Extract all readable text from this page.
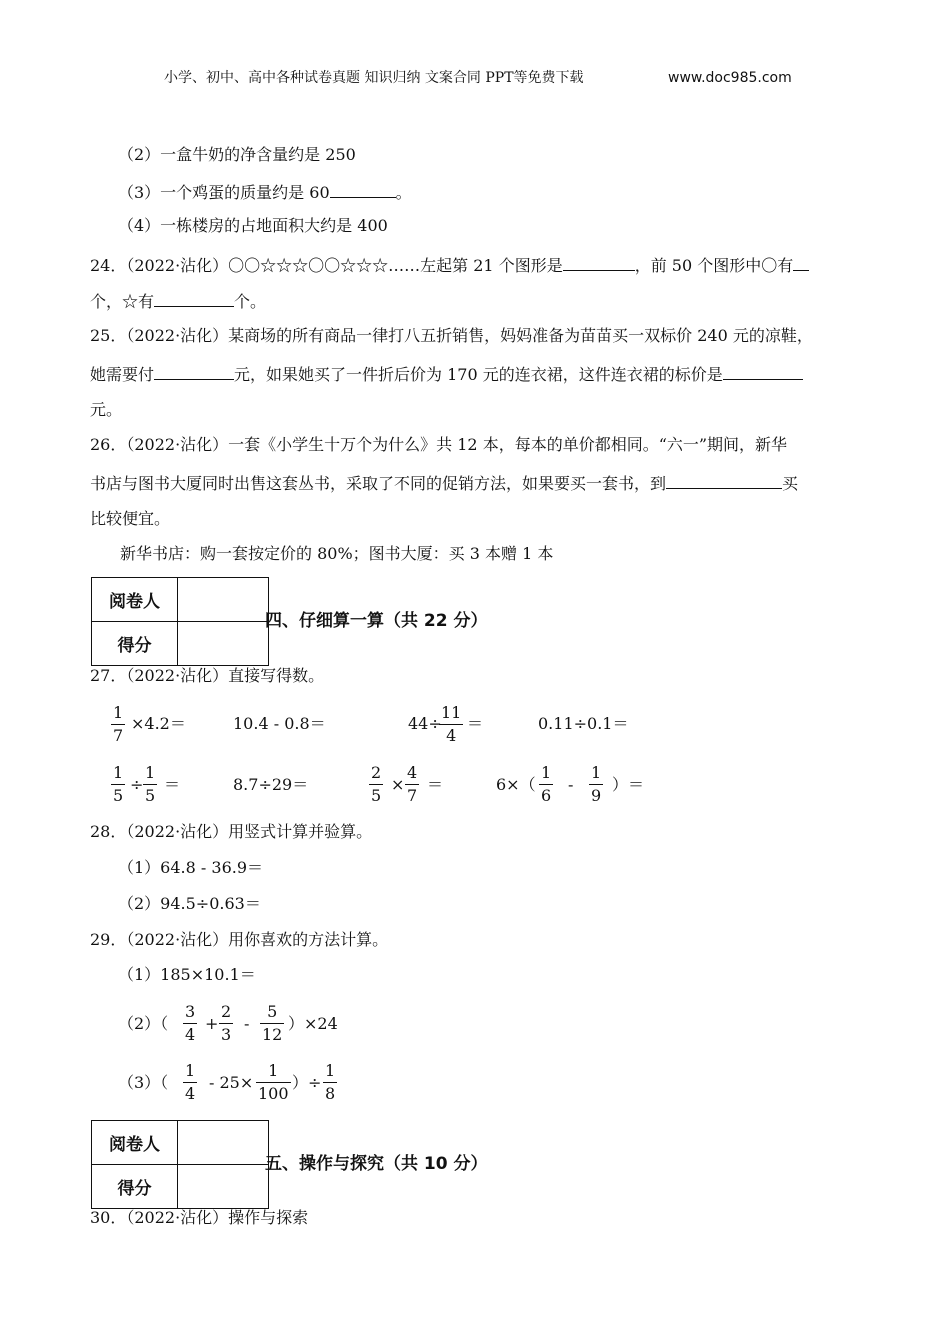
小学、初中、高中各种试卷真题 知识归纳 文案合同 PPT等免费下载	www.doc985.com
（2）一盒牛奶的净含量约是 250
（3）一个鸡蛋的质量约是 60	。
（4）一栋楼房的占地面积大约是 400
24．（2022·沾化）〇〇☆☆☆〇〇☆☆☆……左起第 21 个图形是	，前 50 个图形中〇有
个，☆有	个。
25．（2022·沾化）某商场的所有商品一律打八五折销售，妈妈准备为苗苗买一双标价 240 元的凉鞋，
她需要付	元，如果她买了一件折后价为 170 元的连衣裙，这件连衣裙的标价是
元。
26．（2022·沾化）一套《小学生十万个为什么》共 12 本，每本的单价都相同。“六一”期间，新华
书店与图书大厦同时出售这套丛书，采取了不同的促销方法，如果要买一套书，到	买
比较便宜。
新华书店：购一套按定价的 80%；图书大厦：买 3 本赠 1 本
阅卷人	
得分	
四、仔细算一算（共 22 分）
27．（2022·沾化）直接写得数。
1
7
×4.2＝	10.4 - 0.8＝	44÷
11
4
＝	0.11÷0.1＝
1
5
÷
1
5
＝	8.7÷29＝
2
5
×
4
7
＝	6×（
1
6
-
1
9
）＝
28．（2022·沾化）用竖式计算并验算。
（1）64.8 - 36.9＝
（2）94.5÷0.63＝
29．（2022·沾化）用你喜欢的方法计算。
（1）185×10.1＝
（2）（
3
4
+
2
3
-
5
12
）×24
（3）（
1
4
- 25×
1
100
）÷
1
8
阅卷人	
得分	
五、操作与探究（共 10 分）
30．（2022·沾化）操作与探索
